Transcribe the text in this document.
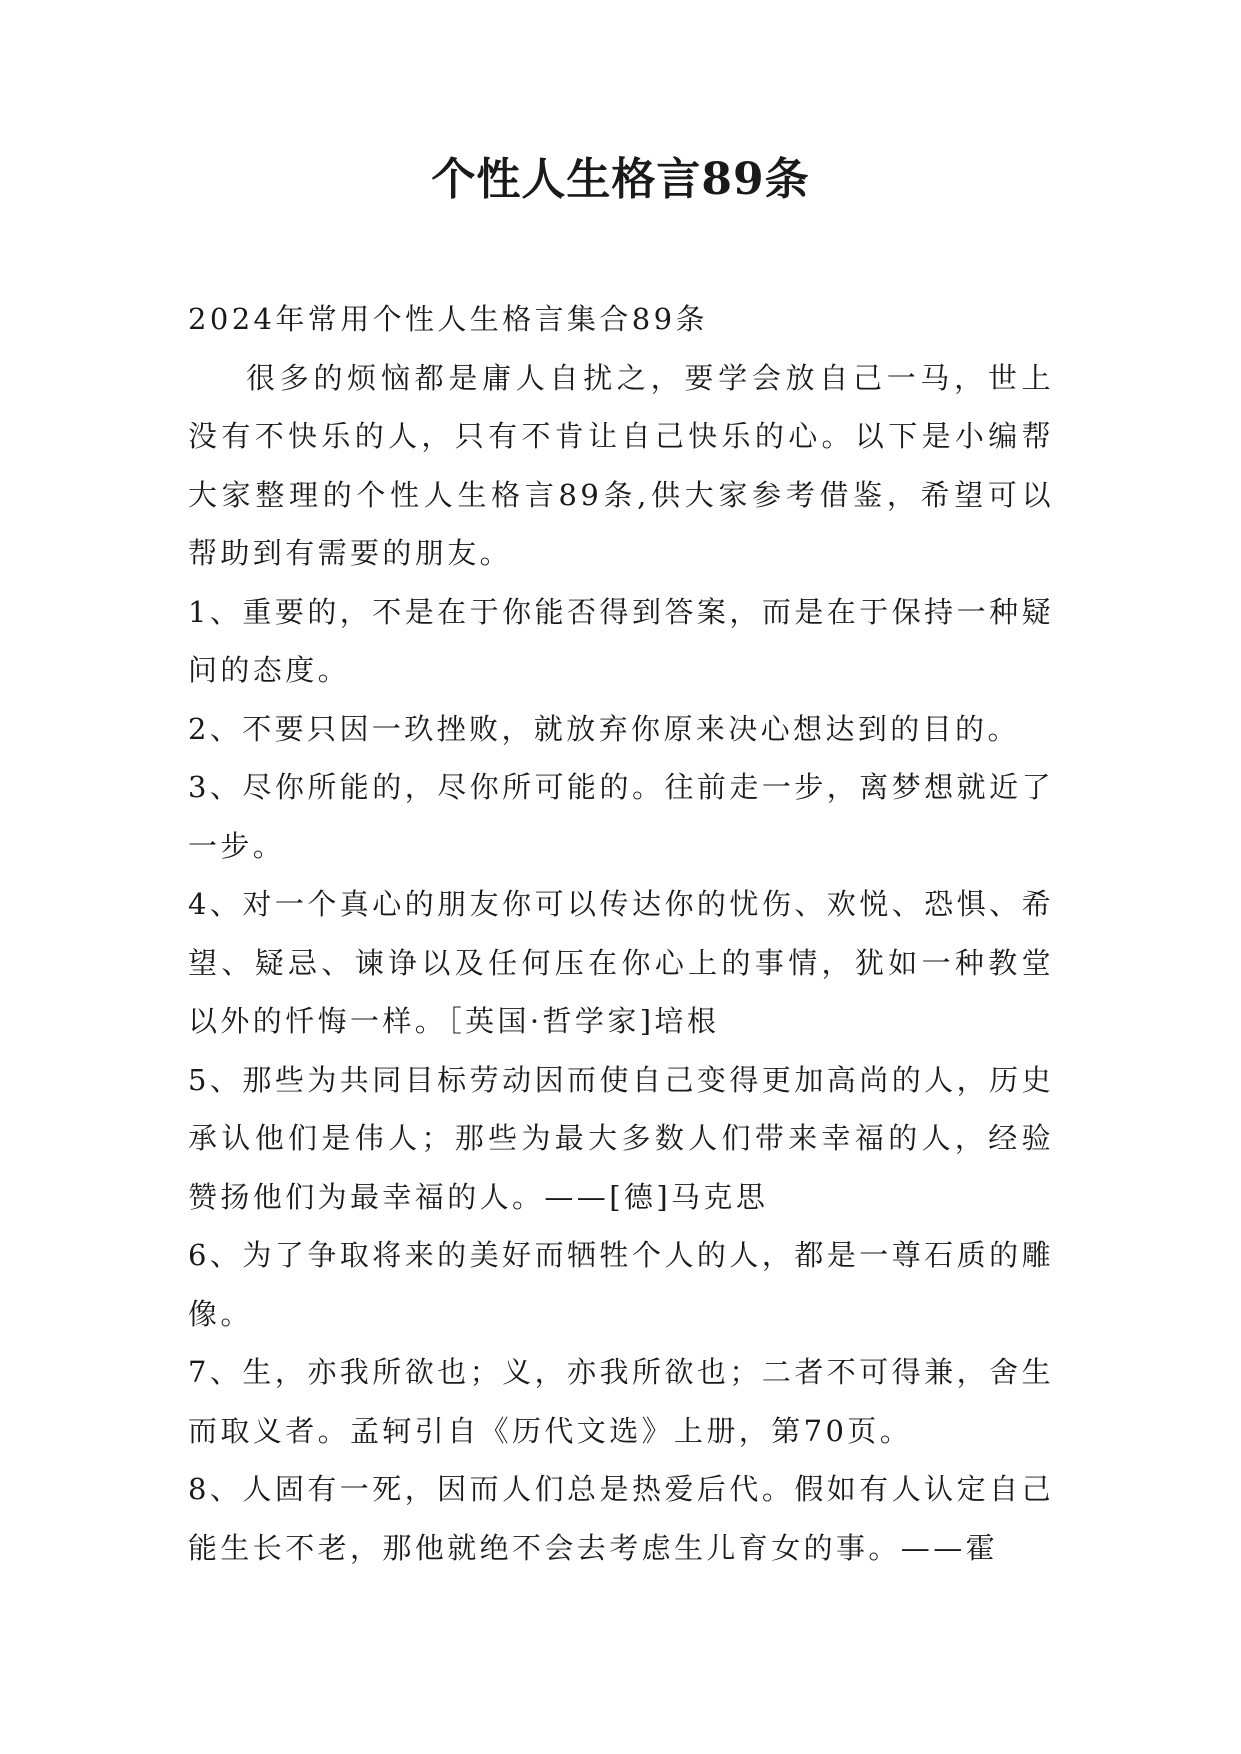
个性人生格言89条

2024年常用个性人生格言集合89条

很多的烦恼都是庸人自扰之，要学会放自己一马，世上没有不快乐的人，只有不肯让自己快乐的心。以下是小编帮大家整理的个性人生格言89条,供大家参考借鉴，希望可以帮助到有需要的朋友。

1、重要的，不是在于你能否得到答案，而是在于保持一种疑问的态度。

2、不要只因一玖挫败，就放弃你原来决心想达到的目的。

3、尽你所能的，尽你所可能的。往前走一步，离梦想就近了一步。

4、对一个真心的朋友你可以传达你的忧伤、欢悦、恐惧、希望、疑忌、谏诤以及任何压在你心上的事情，犹如一种教堂以外的忏悔一样。［英国·哲学家]培根

5、那些为共同目标劳动因而使自己变得更加高尚的人，历史承认他们是伟人；那些为最大多数人们带来幸福的人，经验赞扬他们为最幸福的人。——[德]马克思

6、为了争取将来的美好而牺牲个人的人，都是一尊石质的雕像。

7、生，亦我所欲也；义，亦我所欲也；二者不可得兼，舍生而取义者。孟轲引自《历代文选》上册，第70页。

8、人固有一死，因而人们总是热爱后代。假如有人认定自己能生长不老，那他就绝不会去考虑生儿育女的事。——霍
